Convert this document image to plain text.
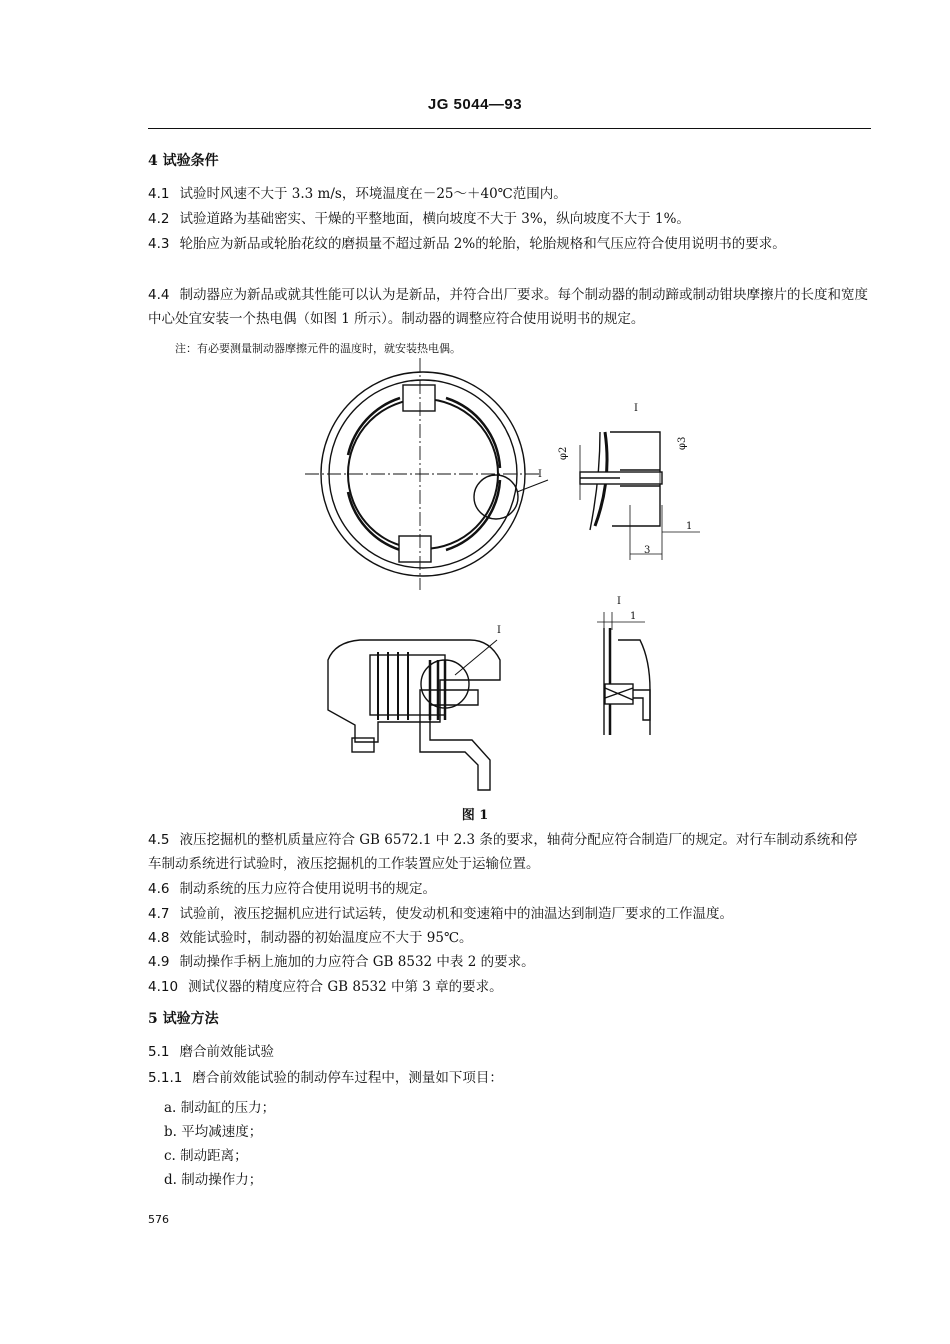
JG 5044—93
4 试验条件
4.1 试验时风速不大于 3.3 m/s，环境温度在－25～＋40℃范围内。
4.2 试验道路为基础密实、干燥的平整地面，横向坡度不大于 3%，纵向坡度不大于 1%。
4.3 轮胎应为新品或轮胎花纹的磨损量不超过新品 2%的轮胎，轮胎规格和气压应符合使用说明书的要求。
4.4 制动器应为新品或就其性能可以认为是新品，并符合出厂要求。每个制动器的制动蹄或制动钳块摩擦片的长度和宽度中心处宜安装一个热电偶（如图 1 所示）。制动器的调整应符合使用说明书的规定。
注：有必要测量制动器摩擦元件的温度时，就安装热电偶。
I
I
I
I
φ2
φ3
1
3
1
图 1
4.5 液压挖掘机的整机质量应符合 GB 6572.1 中 2.3 条的要求，轴荷分配应符合制造厂的规定。对行车制动系统和停车制动系统进行试验时，液压挖掘机的工作装置应处于运输位置。
4.6 制动系统的压力应符合使用说明书的规定。
4.7 试验前，液压挖掘机应进行试运转，使发动机和变速箱中的油温达到制造厂要求的工作温度。
4.8 效能试验时，制动器的初始温度应不大于 95℃。
4.9 制动操作手柄上施加的力应符合 GB 8532 中表 2 的要求。
4.10 测试仪器的精度应符合 GB 8532 中第 3 章的要求。
5 试验方法
5.1 磨合前效能试验
5.1.1 磨合前效能试验的制动停车过程中，测量如下项目：
a. 制动缸的压力；
b. 平均减速度；
c. 制动距离；
d. 制动操作力；
576
